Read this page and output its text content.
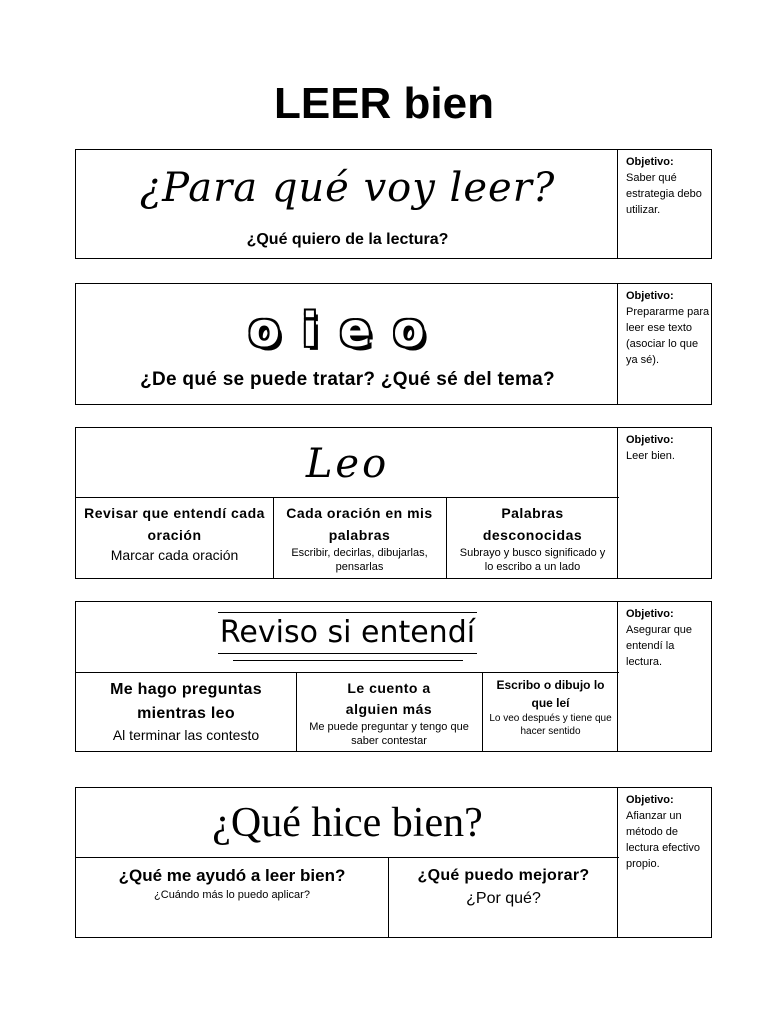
LEER bien
¿Para qué voy leer?
¿Qué quiero de la lectura?
Objetivo:
Saber qué estrategia debo utilizar.
oieo
¿De qué se puede tratar? ¿Qué sé del tema?
Objetivo:
Prepararme para leer ese texto (asociar lo que ya sé).
Leo
Revisar que entendí cada oración
Marcar cada oración
Cada oración en mis palabras
Escribir, decirlas, dibujarlas, pensarlas
Palabras desconocidas
Subrayo y busco significado y lo escribo a un lado
Objetivo:
Leer bien.
Reviso si entendí
Me hago preguntas mientras leo
Al terminar las contesto
Le cuento a alguien más
Me puede preguntar y tengo que saber contestar
Escribo o dibujo lo que leí
Lo veo después y tiene que hacer sentido
Objetivo:
Asegurar que entendí la lectura.
¿Qué hice bien?
¿Qué me ayudó a leer bien?
¿Cuándo más lo puedo aplicar?
¿Qué puedo mejorar?
¿Por qué?
Objetivo:
Afianzar un método de lectura efectivo propio.
